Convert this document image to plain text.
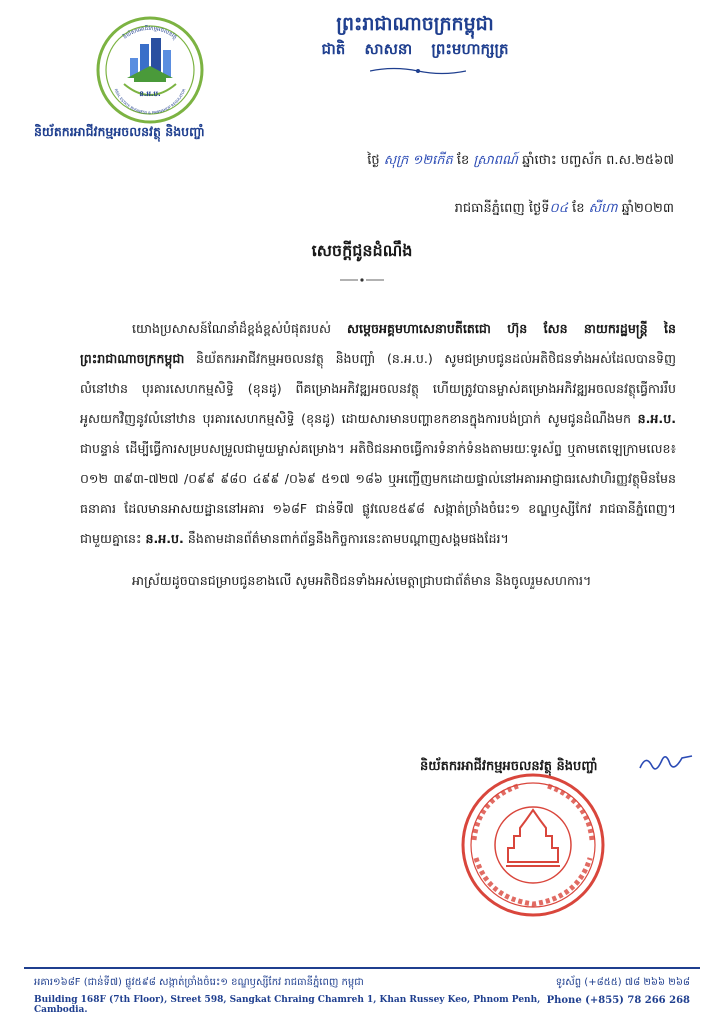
ន.អ.ប.
និយ័តករអាជីវកម្មអចលនវត្ថុ
REAL ESTATE BUSINESS & PAWNSHOP REGULATOR
និយ័តករអាជីវកម្មអចលនវត្ថុ និងបញ្ចាំ
ព្រះរាជាណាចក្រកម្ពុជា
ជាតិ សាសនា ព្រះមហាក្សត្រ
ថ្ងៃ សុក្រ ១២កើត ខែ ស្រាពណ៍ ឆ្នាំថោះ បញ្ចស័ក ព.ស.២៥៦៧
រាជធានីភ្នំពេញ ថ្ងៃទី០៤ ខែ សីហា ឆ្នាំ២០២៣
សេចក្តីជូនដំណឹង

យោងប្រសាសន៍ណែនាំដ៏ខ្ពង់ខ្ពស់បំផុតរបស់ សម្តេចអគ្គមហាសេនាបតីតេជោ ហ៊ុន សែន នាយករដ្ឋមន្ត្រី នៃព្រះរាជាណាចក្រកម្ពុជា និយ័តករអាជីវកម្មអចលនវត្ថុ និងបញ្ចាំ (ន.អ.ប.) សូមជម្រាបជូនដល់អតិថិជនទាំងអស់ដែលបានទិញលំនៅឋាន បុរគារសេហកម្មសិទ្ធិ (ខុនដូ) ពីគម្រោងអភិវឌ្ឍអចលនវត្ថុ ហើយត្រូវបានម្ចាស់គម្រោងអភិវឌ្ឍអចលនវត្ថុធ្វើការរឹបអូសយកវិញនូវលំនៅឋាន បុរគារសេហកម្មសិទ្ធិ (ខុនដូ) ដោយសារមានបញ្ហាខកខានក្នុងការបង់ប្រាក់ សូមជូនដំណឹងមក ន.អ.ប. ជាបន្ទាន់ ដើម្បីធ្វើការសម្របសម្រួលជាមួយម្ចាស់គម្រោង។ អតិថិជនអាចធ្វើការទំនាក់ទំនងតាមរយៈទូរស័ព្ទ ឬតាមតេឡេក្រាមលេខ៖ ០១២ ៣៩៣-៧២៧ /០៩៩ ៩៨០ ៤៩៩ /០៦៩ ៥១៧ ១៨៦ ឬអញ្ជើញមកដោយផ្ទាល់នៅអគារអាជ្ញាធរសេវាហិរញ្ញវត្ថុមិនមែនធនាគារ ដែលមានអាសយដ្ឋាននៅអគារ ១៦៨F ជាន់ទី៧ ផ្លូវលេខ៥៩៨ សង្កាត់ច្រាំងចំរេះ១ ខណ្ឌឫស្សីកែវ រាជធានីភ្នំពេញ។ ជាមួយគ្នានេះ ន.អ.ប. នឹងតាមដានព័ត៌មានពាក់ព័ន្ធនឹងកិច្ចការនេះតាមបណ្តាញសង្គមផងដែរ។

អាស្រ័យដូចបានជម្រាបជូនខាងលើ សូមអតិថិជនទាំងអស់មេត្តាជ្រាបជាព័ត៌មាន និងចូលរួមសហការ។

និយ័តករអាជីវកម្មអចលនវត្ថុ និងបញ្ចាំ
អគារ១៦៨F (ជាន់ទី៧) ផ្លូវ៥៩៨ សង្កាត់ច្រាំងចំរេះ១ ខណ្ឌឫស្សីកែវ រាជធានីភ្នំពេញ កម្ពុជា
Building 168F (7th Floor), Street 598, Sangkat Chraing Chamreh 1, Khan Russey Keo, Phnom Penh, Cambodia.
ទូរស័ព្ទ (+៨៥៥) ៧៨ ២៦៦ ២៦៨
Phone (+855) 78 266 268
